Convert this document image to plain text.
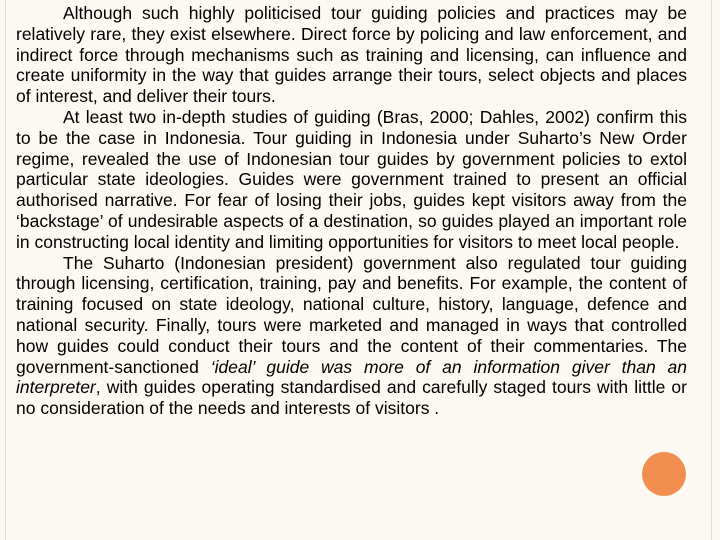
Although such highly politicised tour guiding policies and practices may be relatively rare, they exist elsewhere. Direct force by policing and law enforcement, and indirect force through mechanisms such as training and licensing, can influence and create uniformity in the way that guides arrange their tours, select objects and places of interest, and deliver their tours.

At least two in-depth studies of guiding (Bras, 2000; Dahles, 2002) confirm this to be the case in Indonesia. Tour guiding in Indonesia under Suharto’s New Order regime, revealed the use of Indonesian tour guides by government policies to extol particular state ideologies. Guides were government trained to present an official authorised narrative. For fear of losing their jobs, guides kept visitors away from the ‘backstage’ of undesirable aspects of a destination, so guides played an important role in constructing local identity and limiting opportunities for visitors to meet local people.

The Suharto (Indonesian president) government also regulated tour guiding through licensing, certification, training, pay and benefits. For example, the content of training focused on state ideology, national culture, history, language, defence and national security. Finally, tours were marketed and managed in ways that controlled how guides could conduct their tours and the content of their commentaries. The government-sanctioned ‘ideal’ guide was more of an information giver than an interpreter, with guides operating standardised and carefully staged tours with little or no consideration of the needs and interests of visitors .
